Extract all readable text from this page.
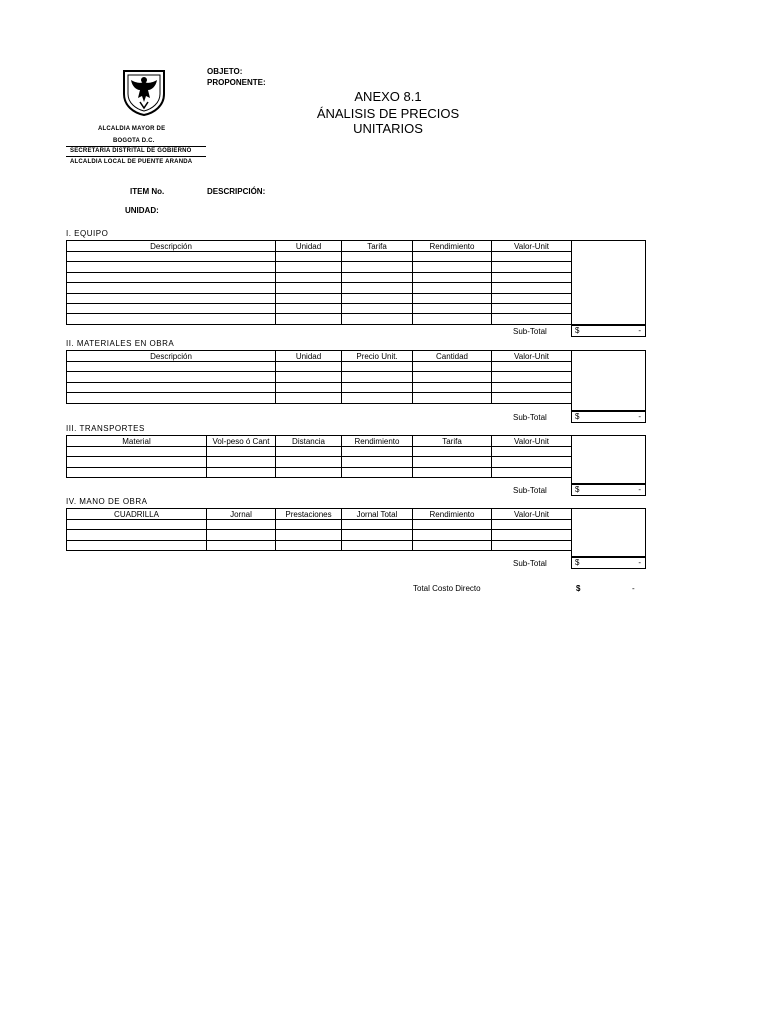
ALCALDIA MAYOR DE
BOGOTA D.C.
SECRETARIA DISTRITAL DE GOBIERNO
ALCALDIA LOCAL DE PUENTE ARANDA
OBJETO:
PROPONENTE:
ANEXO 8.1
ÁNALISIS DE PRECIOS
UNITARIOS
ITEM No.	DESCRIPCIÓN:
UNIDAD:
I. EQUIPO
Descripción	Unidad	Tarifa	Rendimiento	Valor-Unit

Sub-Total	$	-
II. MATERIALES EN OBRA
Descripción	Unidad	Precio Unit.	Cantidad	Valor-Unit

Sub-Total	$	-
III. TRANSPORTES
Material	Vol-peso ó Cant	Distancia	Rendimiento	Tarifa	Valor-Unit

Sub-Total	$	-
IV. MANO DE OBRA
CUADRILLA	Jornal	Prestaciones	Jornal Total	Rendimiento	Valor-Unit

Sub-Total	$	-
Total Costo Directo	$	-
